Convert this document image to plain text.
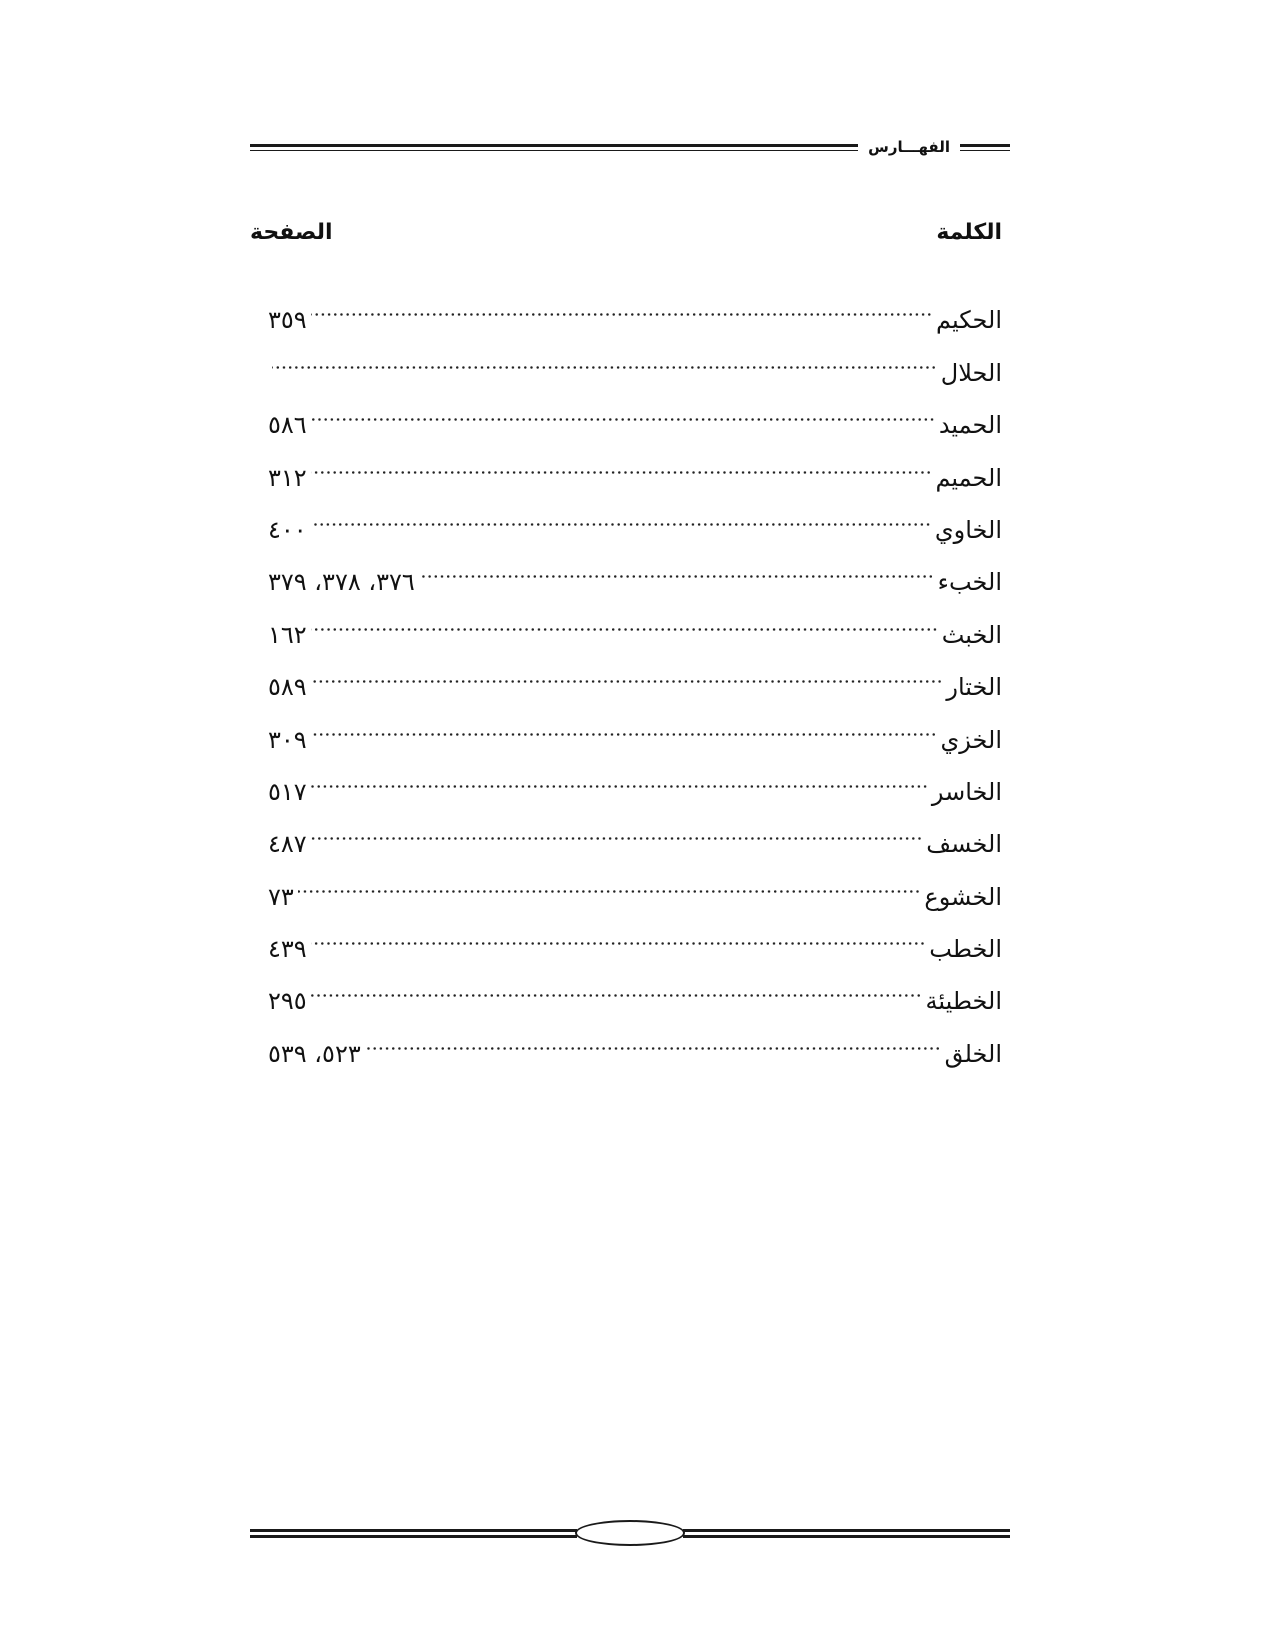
الفهـــارس
الكلمة
الصفحة
الحكيم
٣٥٩
الحلال
الحميد
٥٨٦
الحميم
٣١٢
الخاوي
٤٠٠
الخبء
٣٧٦، ٣٧٨، ٣٧٩
الخبث
١٦٢
الختار
٥٨٩
الخزي
٣٠٩
الخاسر
٥١٧
الخسف
٤٨٧
الخشوع
٧٣
الخطب
٤٣٩
الخطيئة
٢٩٥
الخلق
٥٢٣، ٥٣٩
